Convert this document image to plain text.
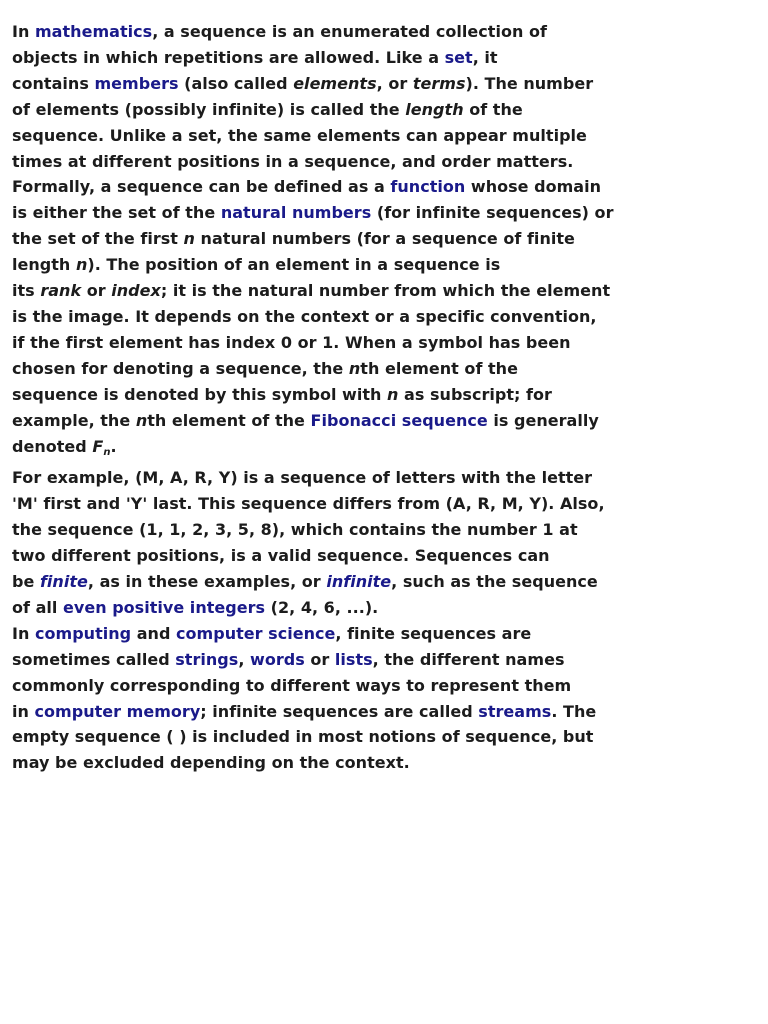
In mathematics, a sequence is an enumerated collection of
objects in which repetitions are allowed. Like a set, it
contains members (also called elements, or terms). The number
of elements (possibly infinite) is called the length of the
sequence. Unlike a set, the same elements can appear multiple
times at different positions in a sequence, and order matters.
Formally, a sequence can be defined as a function whose domain
is either the set of the natural numbers (for infinite sequences) or
the set of the first n natural numbers (for a sequence of finite
length n). The position of an element in a sequence is
its rank or index; it is the natural number from which the element
is the image. It depends on the context or a specific convention,
if the first element has index 0 or 1. When a symbol has been
chosen for denoting a sequence, the nth element of the
sequence is denoted by this symbol with n as subscript; for
example, the nth element of the Fibonacci sequence is generally
denoted $F_n$.

For example, (M, A, R, Y) is a sequence of letters with the letter
'M' first and 'Y' last. This sequence differs from (A, R, M, Y). Also,
the sequence (1, 1, 2, 3, 5, 8), which contains the number 1 at
two different positions, is a valid sequence. Sequences can
be finite, as in these examples, or infinite, such as the sequence
of all even positive integers (2, 4, 6, ...).

In computing and computer science, finite sequences are
sometimes called strings, words or lists, the different names
commonly corresponding to different ways to represent them
in computer memory; infinite sequences are called streams. The
empty sequence ( ) is included in most notions of sequence, but
may be excluded depending on the context.
